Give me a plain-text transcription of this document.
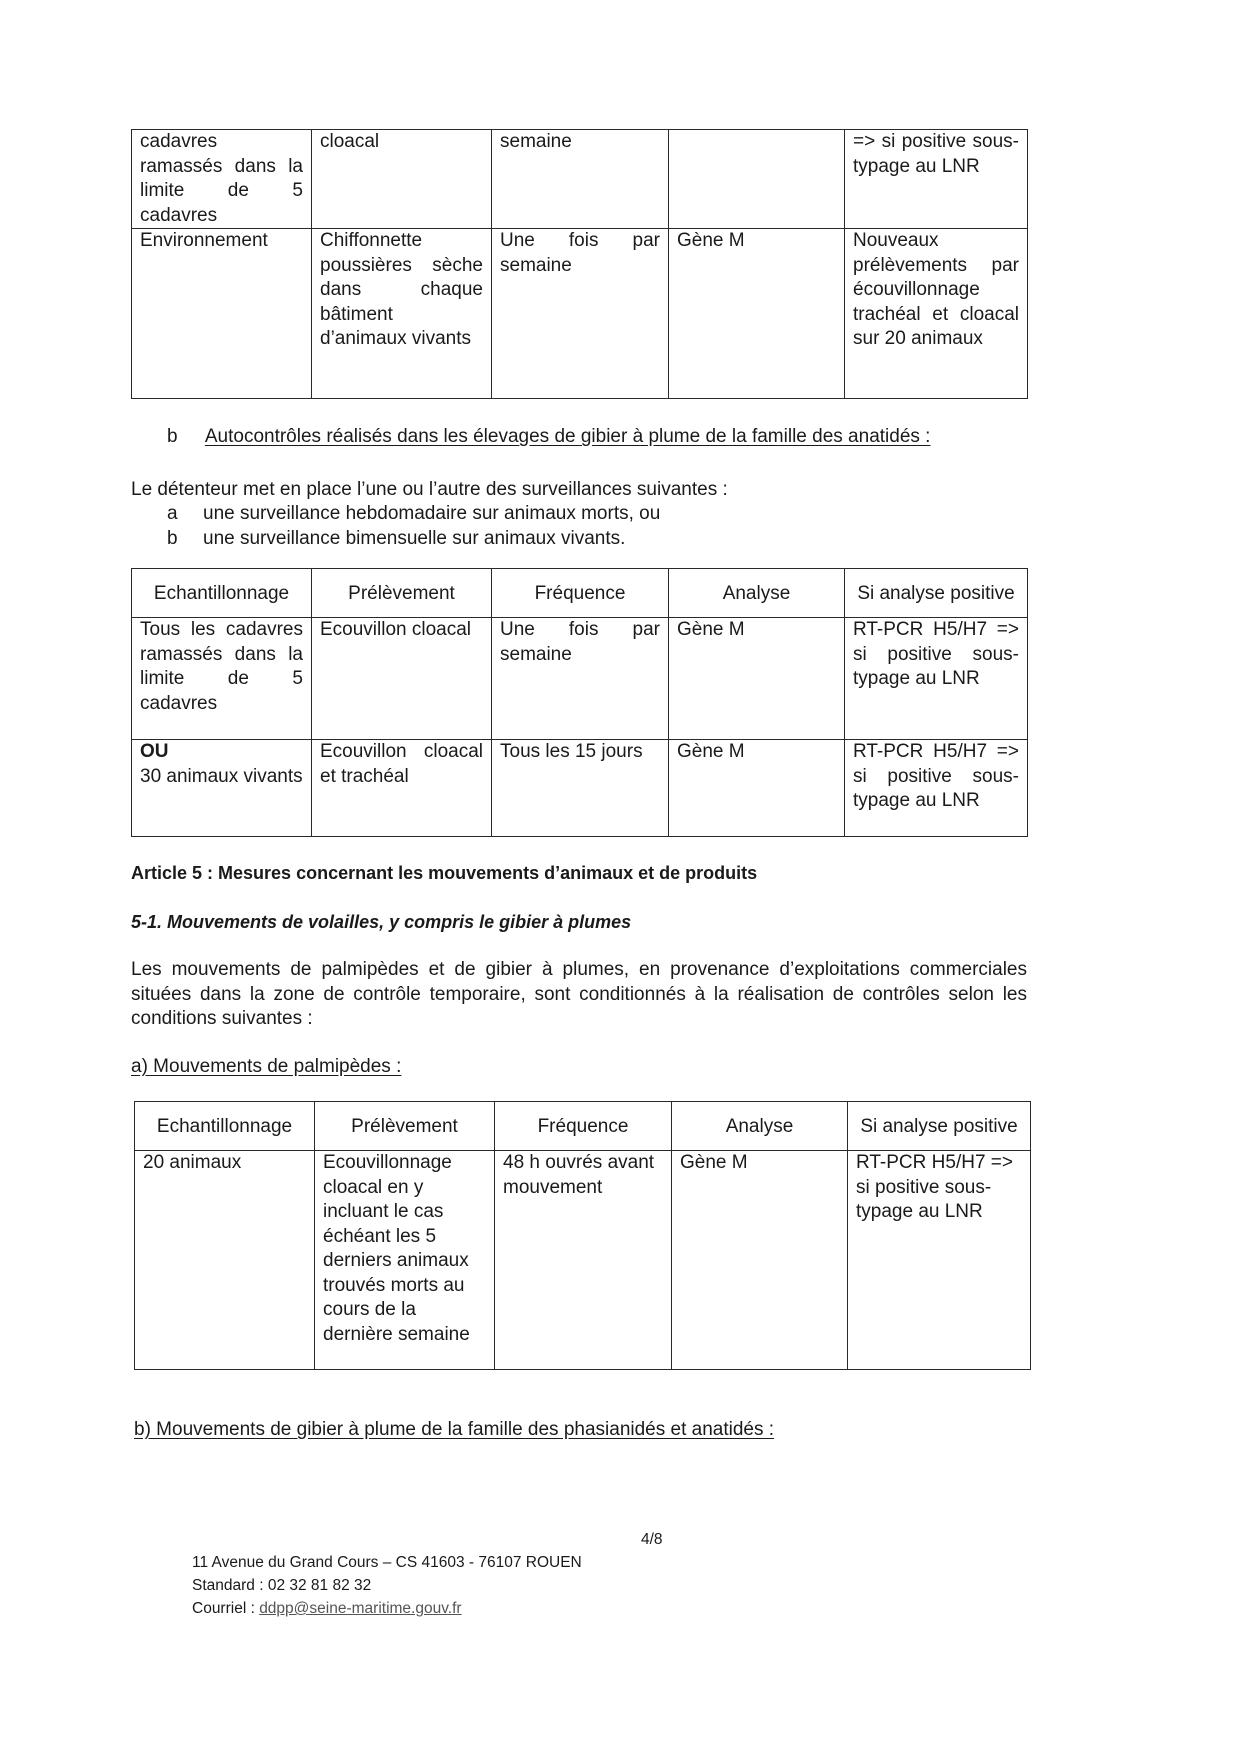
cadavres ramassés dans la limite de 5 cadavres	cloacal	semaine		=> si positive sous-typage au LNR
Environnement	Chiffonnette poussières sèche dans chaque bâtiment d’animaux vivants	Une fois par semaine	Gène M	Nouveaux prélèvements par écouvillonnage trachéal et cloacal sur 20 animaux
b Autocontrôles réalisés dans les élevages de gibier à plume de la famille des anatidés :
Le détenteur met en place l’une ou l’autre des surveillances suivantes :
a une surveillance hebdomadaire sur animaux morts, ou
b une surveillance bimensuelle sur animaux vivants.
Echantillonnage	Prélèvement	Fréquence	Analyse	Si analyse positive
Tous les cadavres ramassés dans la limite de 5 cadavres	Ecouvillon cloacal	Une fois par semaine	Gène M	RT-PCR H5/H7 => si positive sous-typage au LNR

OU
30 animaux vivants	Ecouvillon cloacal et trachéal	Tous les 15 jours	Gène M	RT-PCR H5/H7 => si positive sous-typage au LNR
Article 5 : Mesures concernant les mouvements d’animaux et de produits
5-1. Mouvements de volailles, y compris le gibier à plumes
Les mouvements de palmipèdes et de gibier à plumes, en provenance d’exploitations commerciales situées dans la zone de contrôle temporaire, sont conditionnés à la réalisation de contrôles selon les conditions suivantes :
a) Mouvements de palmipèdes :
Echantillonnage	Prélèvement	Fréquence	Analyse	Si analyse positive
20 animaux	Ecouvillonnage cloacal en y incluant le cas échéant les 5 derniers animaux trouvés morts au cours de la dernière semaine	48 h ouvrés avant mouvement	Gène M	RT-PCR H5/H7 => si positive sous-typage au LNR
b) Mouvements de gibier à plume de la famille des phasianidés et anatidés :
4/8
11 Avenue du Grand Cours – CS 41603 - 76107 ROUEN
Standard : 02 32 81 82 32
Courriel : ddpp@seine-maritime.gouv.fr
